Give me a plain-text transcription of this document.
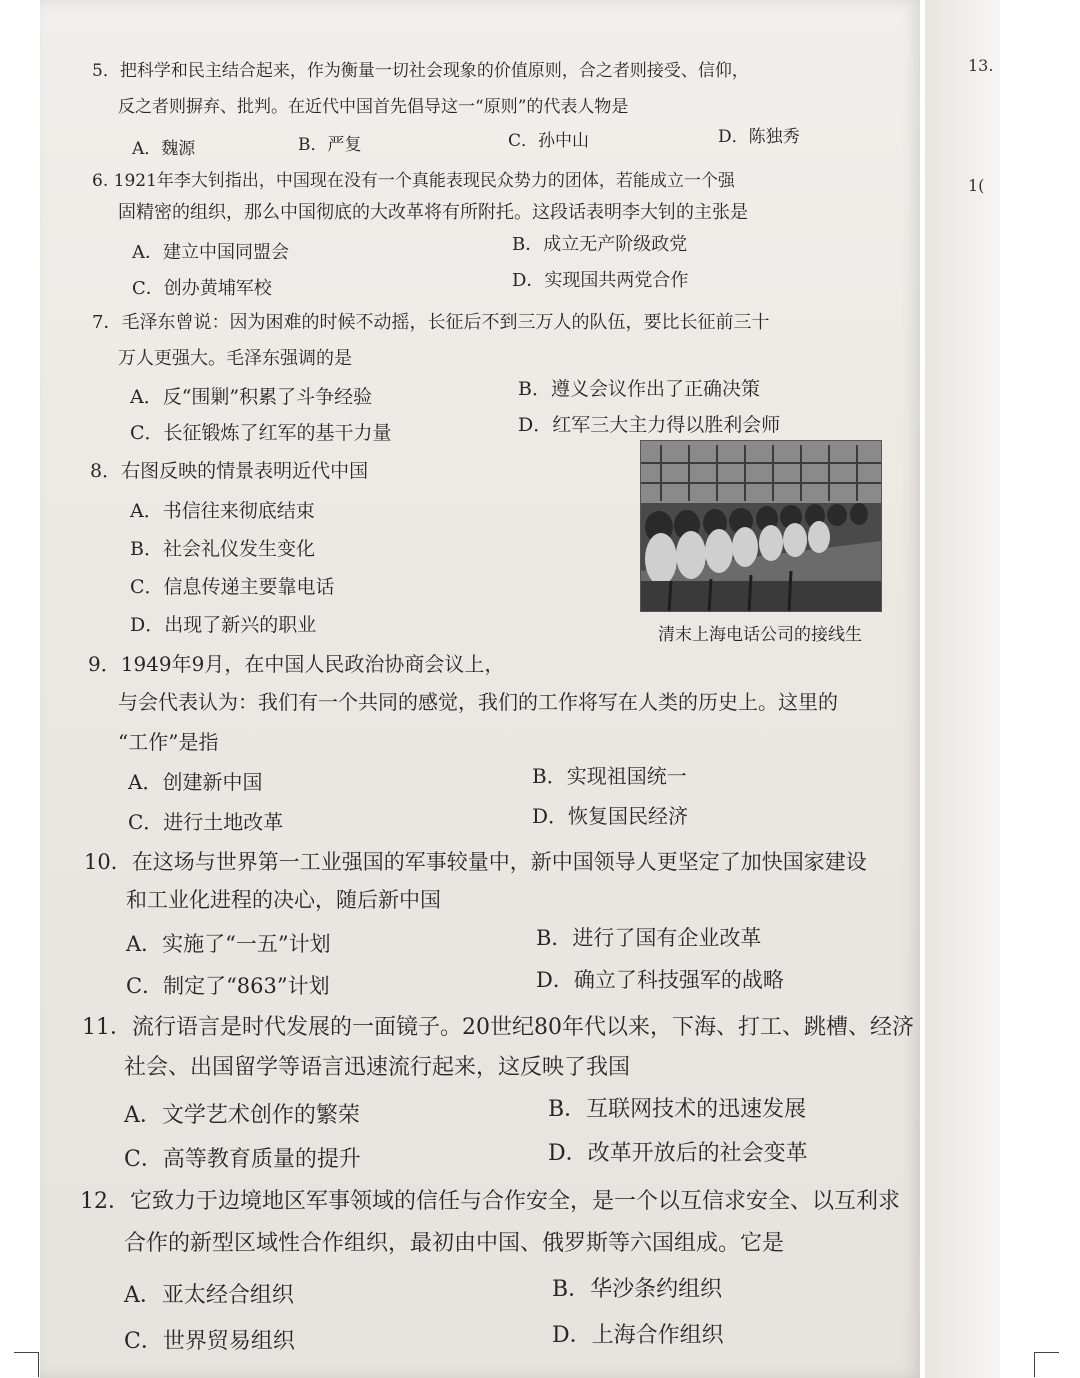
13.
1(
5．把科学和民主结合起来，作为衡量一切社会现象的价值原则，合之者则接受、信仰，
反之者则摒弃、批判。在近代中国首先倡导这一“原则”的代表人物是
A．魏源	B．严复	C．孙中山	D．陈独秀
6. 1921年李大钊指出，中国现在没有一个真能表现民众势力的团体，若能成立一个强
固精密的组织，那么中国彻底的大改革将有所附托。这段话表明李大钊的主张是
A．建立中国同盟会	B．成立无产阶级政党
C．创办黄埔军校	D．实现国共两党合作
7．毛泽东曾说：因为困难的时候不动摇，长征后不到三万人的队伍，要比长征前三十
万人更强大。毛泽东强调的是
A．反“围剿”积累了斗争经验	B．遵义会议作出了正确决策
C．长征锻炼了红军的基干力量	D．红军三大主力得以胜利会师
8．右图反映的情景表明近代中国
A．书信往来彻底结束
B．社会礼仪发生变化
C．信息传递主要靠电话
D．出现了新兴的职业	清末上海电话公司的接线生
9．1949年9月，在中国人民政治协商会议上，
与会代表认为：我们有一个共同的感觉，我们的工作将写在人类的历史上。这里的
“工作”是指
A．创建新中国	B．实现祖国统一
C．进行土地改革	D．恢复国民经济
10．在这场与世界第一工业强国的军事较量中，新中国领导人更坚定了加快国家建设
和工业化进程的决心，随后新中国
A．实施了“一五”计划	B．进行了国有企业改革
C．制定了“863”计划	D．确立了科技强军的战略
11．流行语言是时代发展的一面镜子。20世纪80年代以来，下海、打工、跳槽、经济
社会、出国留学等语言迅速流行起来，这反映了我国
A．文学艺术创作的繁荣	B．互联网技术的迅速发展
C．高等教育质量的提升	D．改革开放后的社会变革
12．它致力于边境地区军事领域的信任与合作安全，是一个以互信求安全、以互利求
合作的新型区域性合作组织，最初由中国、俄罗斯等六国组成。它是
A．亚太经合组织	B．华沙条约组织
C．世界贸易组织	D．上海合作组织
